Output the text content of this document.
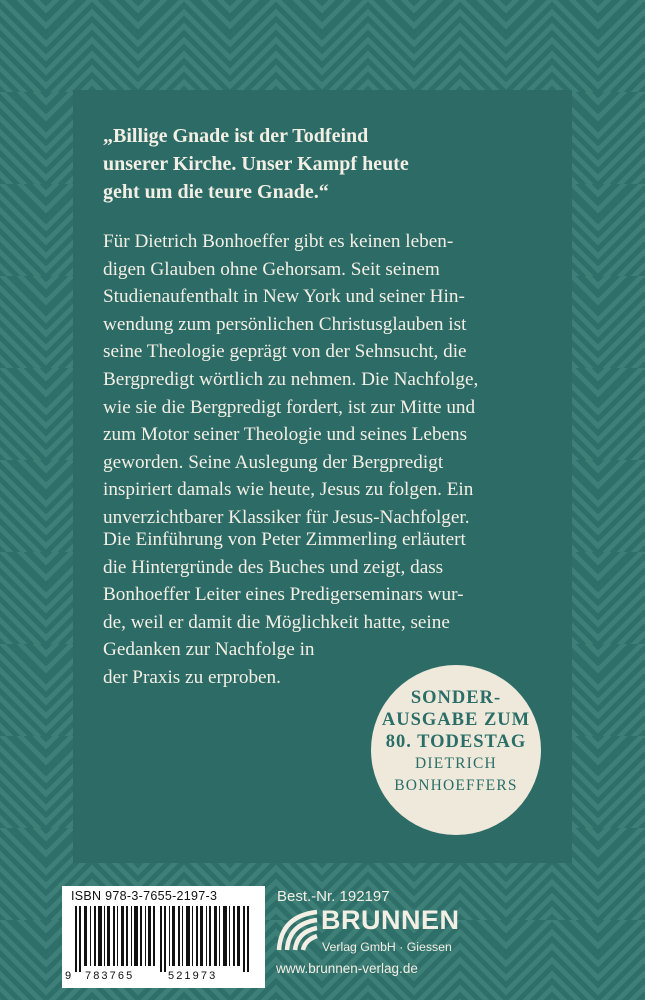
„Billige Gnade ist der Todfeind
unserer Kirche. Unser Kampf heute
geht um die teure Gnade.“

Für Dietrich Bonhoeffer gibt es keinen leben-
digen Glauben ohne Gehorsam. Seit seinem
Studienaufenthalt in New York und seiner Hin-
wendung zum persönlichen Christusglauben ist
seine Theologie geprägt von der Sehnsucht, die
Bergpredigt wörtlich zu nehmen. Die Nachfolge,
wie sie die Bergpredigt fordert, ist zur Mitte und
zum Motor seiner Theologie und seines Lebens
geworden. Seine Auslegung der Bergpredigt
inspiriert damals wie heute, Jesus zu folgen. Ein
unverzichtbarer Klassiker für Jesus-Nachfolger.

Die Einführung von Peter Zimmerling erläutert
die Hintergründe des Buches und zeigt, dass
Bonhoeffer Leiter eines Predigerseminars wur-
de, weil er damit die Möglichkeit hatte, seine
Gedanken zur Nachfolge in
der Praxis zu erproben.

SONDER-
AUSGABE ZUM
80. TODESTAG
DIETRICH
BONHOEFFERS
ISBN 978-3-7655-2197-3
9 783765	521973
Best.-Nr. 192197
BRUNNEN
Verlag GmbH · Giessen
www.brunnen-verlag.de
